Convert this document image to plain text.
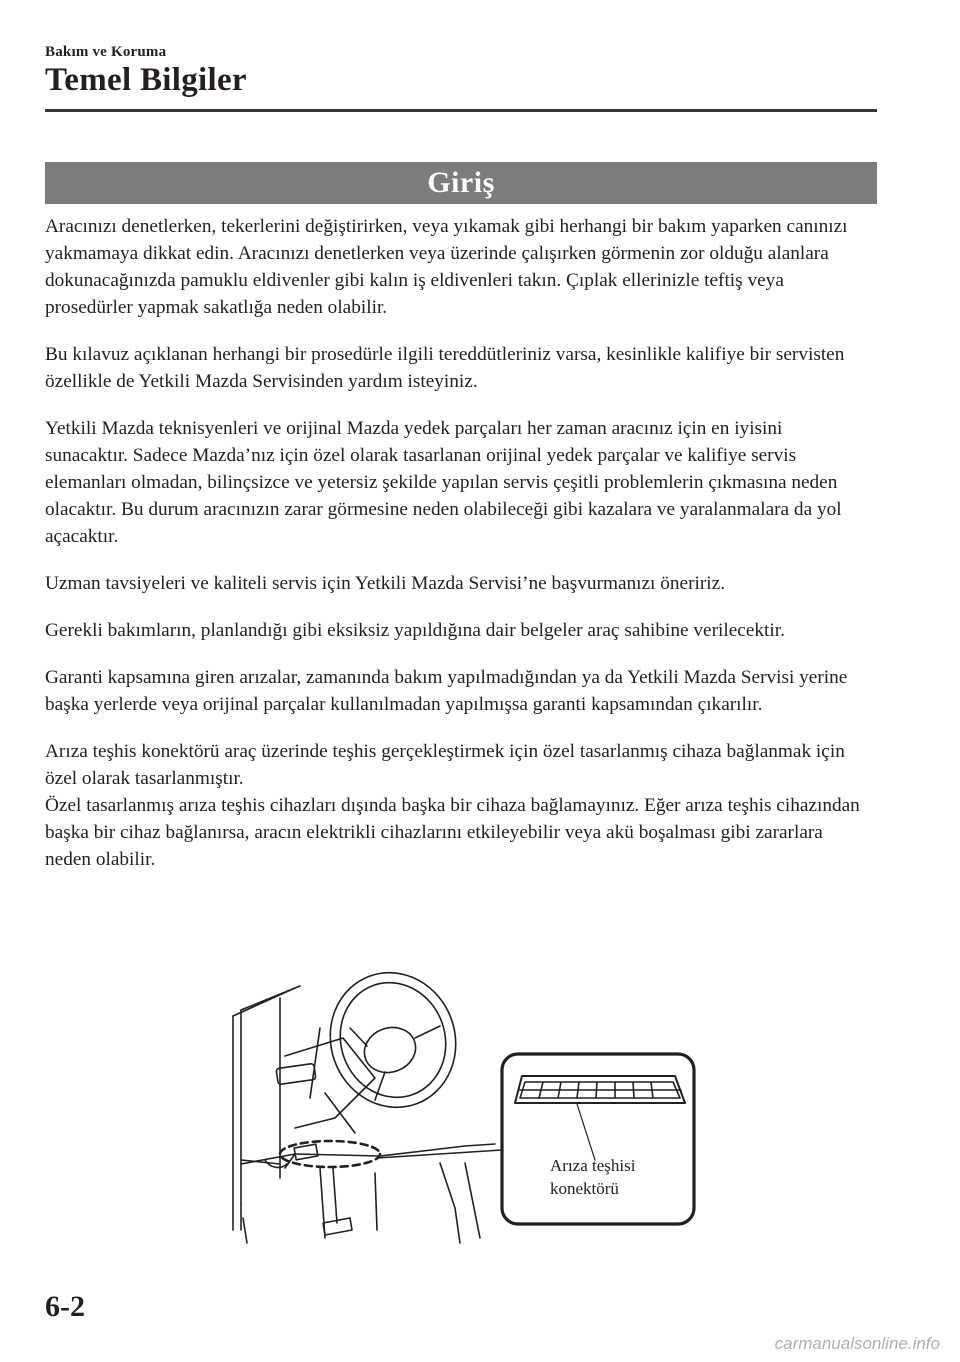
Bakım ve Koruma
Temel Bilgiler
Giriş

Aracınızı denetlerken, tekerlerini değiştirirken, veya yıkamak gibi herhangi bir bakım yaparken canınızı yakmamaya dikkat edin. Aracınızı denetlerken veya üzerinde çalışırken görmenin zor olduğu alanlara dokunacağınızda pamuklu eldivenler gibi kalın iş eldivenleri takın. Çıplak ellerinizle teftiş veya prosedürler yapmak sakatlığa neden olabilir.

Bu kılavuz açıklanan herhangi bir prosedürle ilgili tereddütleriniz varsa, kesinlikle kalifiye bir servisten özellikle de Yetkili Mazda Servisinden yardım isteyiniz.

Yetkili Mazda teknisyenleri ve orijinal Mazda yedek parçaları her zaman aracınız için en iyisini sunacaktır. Sadece Mazda’nız için özel olarak tasarlanan orijinal yedek parçalar ve kalifiye servis elemanları olmadan, bilinçsizce ve yetersiz şekilde yapılan servis çeşitli problemlerin çıkmasına neden olacaktır. Bu durum aracınızın zarar görmesine neden olabileceği gibi kazalara ve yaralanmalara da yol açacaktır.

Uzman tavsiyeleri ve kaliteli servis için Yetkili Mazda Servisi’ne başvurmanızı öneririz.

Gerekli bakımların, planlandığı gibi eksiksiz yapıldığına dair belgeler araç sahibine verilecektir.

Garanti kapsamına giren arızalar, zamanında bakım yapılmadığından ya da Yetkili Mazda Servisi yerine başka yerlerde veya orijinal parçalar kullanılmadan yapılmışsa garanti kapsamından çıkarılır.

Arıza teşhis konektörü araç üzerinde teşhis gerçekleştirmek için özel tasarlanmış cihaza bağlanmak için özel olarak tasarlanmıştır.

Özel tasarlanmış arıza teşhis cihazları dışında başka bir cihaza bağlamayınız. Eğer arıza teşhis cihazından başka bir cihaz bağlanırsa, aracın elektrikli cihazlarını etkileyebilir veya akü boşalması gibi zararlara neden olabilir.

Arıza teşhisi
konektörü
6-2
carmanualsonline.info
